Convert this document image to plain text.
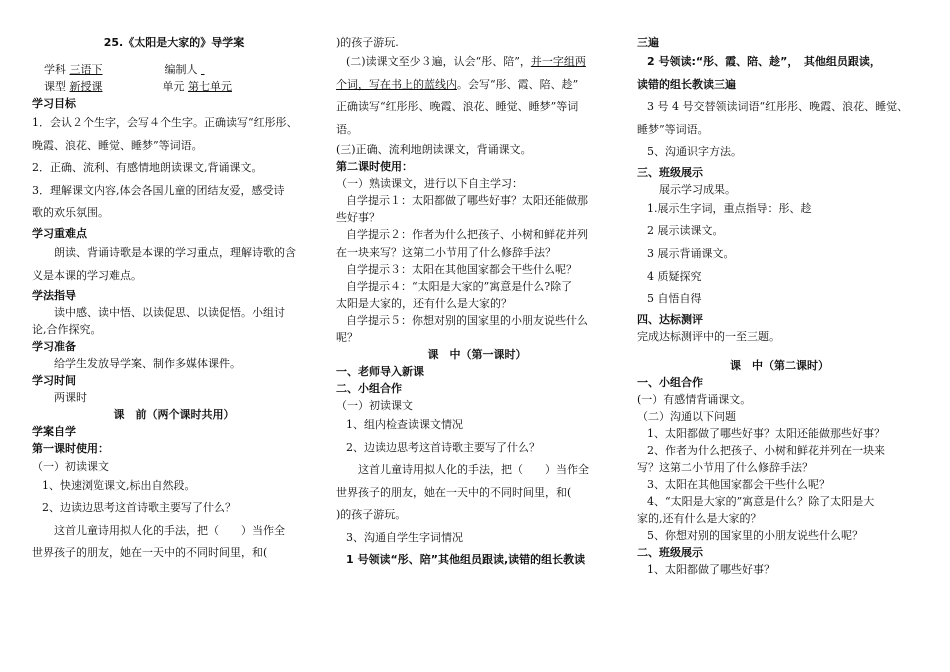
25.《太阳是大家的》导学案
学科 三语下	编制人
课型 新授课	单元 第七单元
学习目标
1．会认２个生字，会写４个生字。正确读写“红彤彤、
晚霞、浪花、睡觉、睡梦”等词语。
2．正确、流利、有感情地朗读课文,背诵课文。
3．理解课文内容,体会各国儿童的团结友爱，感受诗
歌的欢乐氛围。
学习重难点
朗读、背诵诗歌是本课的学习重点，理解诗歌的含
义是本课的学习难点。
学法指导
读中感、读中悟、以读促思、以读促悟。小组讨
论,合作探究。
学习准备
给学生发放导学案、制作多媒体课件。
学习时间
两课时
课　前（两个课时共用）
学案自学
第一课时使用：
（一）初读课文
1、快速浏览课文,标出自然段。
2、边读边思考这首诗歌主要写了什么？
这首儿童诗用拟人化的手法，把（　　）当作全
世界孩子的朋友，她在一天中的不同时间里，和(
)的孩子游玩.
(二)读课文至少３遍，认会“彤、陪”，并一字组两
个词，写在书上的蓝线内。会写“彤、霞、陪、趁”
正确读写“红彤彤、晚霞、浪花、睡觉、睡梦”等词
语。
(三)正确、流利地朗读课文，背诵课文。
第二课时使用：
（一）熟读课文，进行以下自主学习：
自学提示１：太阳都做了哪些好事？太阳还能做那
些好事？
自学提示２：作者为什么把孩子、小树和鲜花并列
在一块来写？这第二小节用了什么修辞手法？
自学提示３：太阳在其他国家都会干些什么呢？
自学提示４：“太阳是大家的”寓意是什么?除了
太阳是大家的，还有什么是大家的？
自学提示５：你想对别的国家里的小朋友说些什么
呢？
课　中（第一课时）
一、老师导入新课
二、小组合作
（一）初读课文
1、组内检查读课文情况
2、边读边思考这首诗歌主要写了什么？
这首儿童诗用拟人化的手法，把（　　）当作全
世界孩子的朋友，她在一天中的不同时间里，和(
)的孩子游玩。
3、沟通自学生字词情况
1 号领读“彤、陪”其他组员跟读,读错的组长教读
三遍
2 号领读:“彤、霞、陪、趁”，　其他组员跟读，
读错的组长教读三遍
3 号 4 号交替领读词语“红彤彤、晚霞、浪花、睡觉、
睡梦”等词语。
5、沟通识字方法。
三、班级展示
展示学习成果。
1.展示生字词，重点指导：彤、趁
2 展示读课文。
3 展示背诵课文。
4 质疑探究
5 自悟自得
四、达标测评
完成达标测评中的一至三题。
课　中（第二课时）
一、小组合作
(一）有感情背诵课文。
（二）沟通以下问题
1、太阳都做了哪些好事？太阳还能做那些好事？
2、作者为什么把孩子、小树和鲜花并列在一块来
写？这第二小节用了什么修辞手法？
3、太阳在其他国家都会干些什么呢？
4、“太阳是大家的”寓意是什么？除了太阳是大
家的,还有什么是大家的？
5、你想对别的国家里的小朋友说些什么呢？
二、班级展示
1、太阳都做了哪些好事？
